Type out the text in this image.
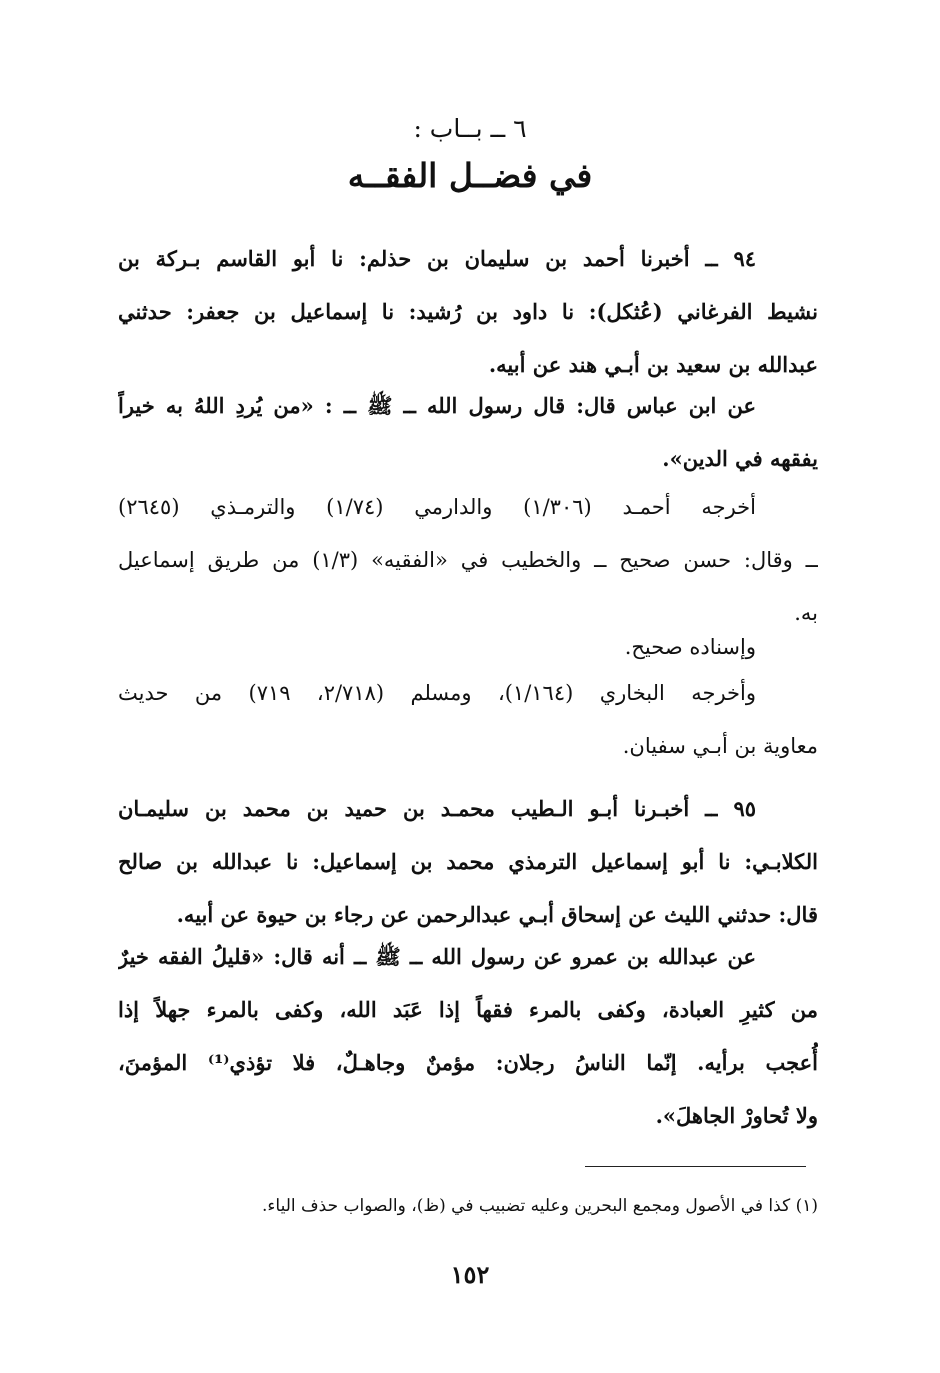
٦ ــ بــاب :
في فضــل الفقــه
٩٤ ــ أخبرنا أحمد بن سليمان بن حذلم: نا أبو القاسم بـركة بن
نشيط الفرغاني (عُثكل): نا داود بن رُشيد: نا إسماعيل بن جعفر: حدثني
عبدالله بن سعيد بن أبـي هند عن أبيه.
عن ابن عباس قال: قال رسول الله ــ ﷺ ــ : «من يُردِ اللهُ به خيراً
يفقهه في الدين».
أخرجه أحمـد (١/٣٠٦) والدارمي (١/٧٤) والترمـذي (٢٦٤٥)
ــ وقال: حسن صحيح ــ والخطيب في «الفقيه» (١/٣) من طريق إسماعيل
به.
وإسناده صحيح.
وأخرجه البخاري (١/١٦٤)، ومسلم (٢/٧١٨، ٧١٩) من حديث
معاوية بن أبـي سفيان.
٩٥ ــ أخبـرنا أبـو الـطيب محمـد بن حميد بن محمد بن سليمـان
الكلابـي: نا أبو إسماعيل الترمذي محمد بن إسماعيل: نا عبدالله بن صالح
قال: حدثني الليث عن إسحاق أبـي عبدالرحمن عن رجاء بن حيوة عن أبيه.
عن عبدالله بن عمرو عن رسول الله ــ ﷺ ــ أنه قال: «قليلُ الفقه خيرٌ
من كثيرِ العبادة، وكفى بالمرء فقهاً إذا عَبَد الله، وكفى بالمرء جهلاً إذا
أُعجب برأيه. إنّما الناسُ رجلان: مؤمنٌ وجاهـلٌ، فلا تؤذي⁽¹⁾ المؤمنَ،
ولا تُحاورْ الجاهلَ».
(١) كذا في الأصول ومجمع البحرين وعليه تضبيب في (ظ)، والصواب حذف الياء.
١٥٢
